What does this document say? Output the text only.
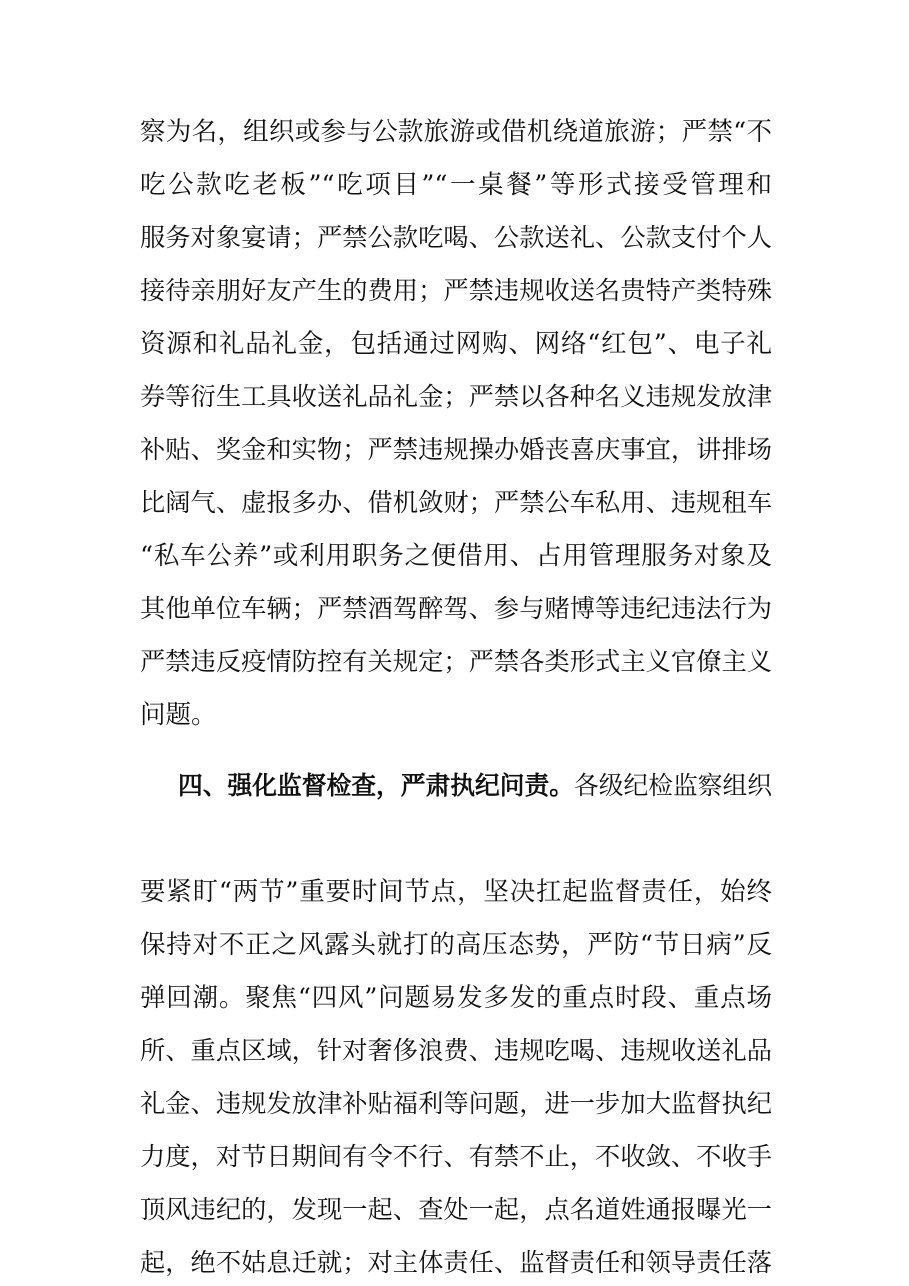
察为名，组织或参与公款旅游或借机绕道旅游；严禁“不
吃公款吃老板”“吃项目”“一桌餐”等形式接受管理和
服务对象宴请；严禁公款吃喝、公款送礼、公款支付个人
接待亲朋好友产生的费用；严禁违规收送名贵特产类特殊
资源和礼品礼金，包括通过网购、网络“红包”、电子礼
券等衍生工具收送礼品礼金；严禁以各种名义违规发放津
补贴、奖金和实物；严禁违规操办婚丧喜庆事宜，讲排场
比阔气、虚报多办、借机敛财；严禁公车私用、违规租车
“私车公养”或利用职务之便借用、占用管理服务对象及
其他单位车辆；严禁酒驾醉驾、参与赌博等违纪违法行为
严禁违反疫情防控有关规定；严禁各类形式主义官僚主义
问题。
四、强化监督检查，严肃执纪问责。各级纪检监察组织
要紧盯“两节”重要时间节点，坚决扛起监督责任，始终
保持对不正之风露头就打的高压态势，严防“节日病”反
弹回潮。聚焦“四风”问题易发多发的重点时段、重点场
所、重点区域，针对奢侈浪费、违规吃喝、违规收送礼品
礼金、违规发放津补贴福利等问题，进一步加大监督执纪
力度，对节日期间有令不行、有禁不止，不收敛、不收手
顶风违纪的，发现一起、查处一起，点名道姓通报曝光一
起，绝不姑息迁就；对主体责任、监督责任和领导责任落
